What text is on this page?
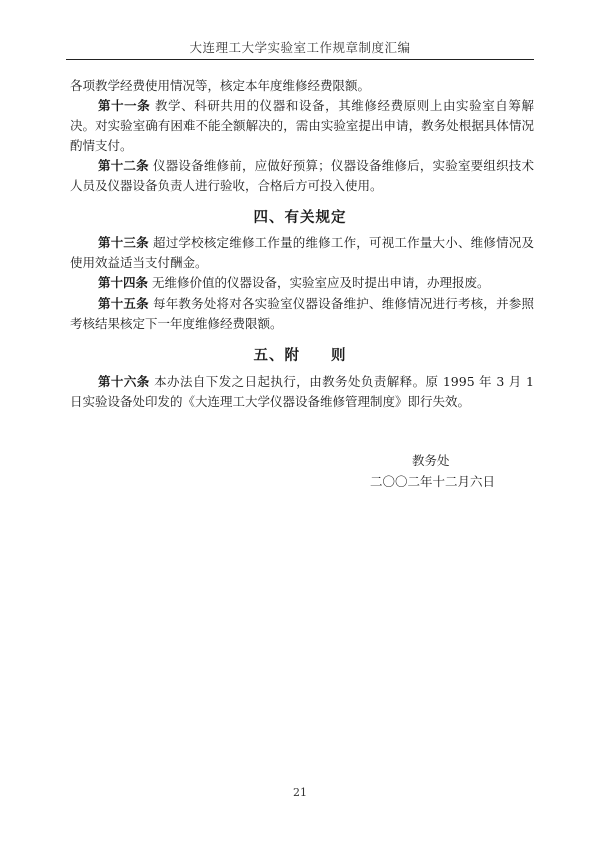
大连理工大学实验室工作规章制度汇编

各项教学经费使用情况等，核定本年度维修经费限额。

第十一条 教学、科研共用的仪器和设备，其维修经费原则上由实验室自筹解决。对实验室确有困难不能全额解决的，需由实验室提出申请，教务处根据具体情况酌情支付。

第十二条 仪器设备维修前，应做好预算；仪器设备维修后，实验室要组织技术人员及仪器设备负责人进行验收，合格后方可投入使用。

四、有关规定

第十三条 超过学校核定维修工作量的维修工作，可视工作量大小、维修情况及使用效益适当支付酬金。

第十四条 无维修价值的仪器设备，实验室应及时提出申请，办理报废。

第十五条 每年教务处将对各实验室仪器设备维护、维修情况进行考核，并参照考核结果核定下一年度维修经费限额。

五、附　　则

第十六条 本办法自下发之日起执行，由教务处负责解释。原 1995 年 3 月 1 日实验设备处印发的《大连理工大学仪器设备维修管理制度》即行失效。

教务处

二〇〇二年十二月六日

21
